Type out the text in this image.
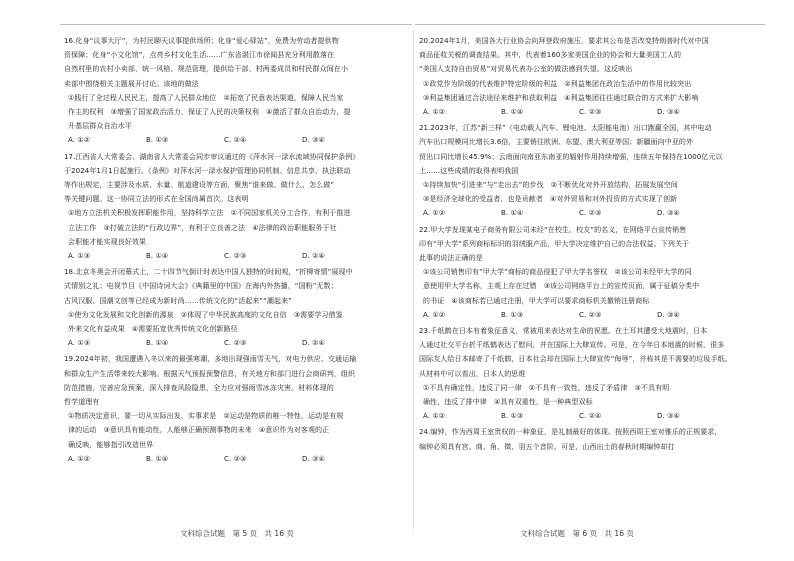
16.化身“议事大厅”，为村民聊天议事提供场所；化身“爱心驿站”，免费为劳动者提供物
资保障；化身“小文化馆”，点亮乡村文化生活……广东省湛江市徐闻县充分利用散落在
自然村里的农村小卖部，统一风格、规范管理，提供给干部、村两委成员和村民群众间在小
卖部中围绕相关主题展开讨论。该地的做法
①践行了全过程人民民主，提高了人民群众地位　②拓宽了民意表达渠道，保障人民当家
作主的权利　③增强了国家政治活力，保证了人民的决策权利　④激活了群众自治动力，提
升基层群众自治水平
A. ①②	B. ①③	C. ②④	D. ③④
17.江西省人大常委会、湖南省人大常委会同步审议通过的《萍水河一渌水流域协同保护条例》
于2024年1月1日起施行。《条例》对萍水河一渌水保护管理协同机制、信息共享、执法联动
等作出规定，主要涉及水质、水量、航道建设等方面，聚焦“谁来做、做什么、怎么做”
等关键问题。这一协同立法的形式在全国尚属首次。这表明
①地方立法机关积极发挥职能作用，坚持科学立法　②不同国家机关分工合作，有利于推进
立法工作　③打破立法的“行政边界”，有利于立良善之法　④法律的政治职能服务于社
会职能才能实现良好效果
A. ①③	B. ①④	C. ②③	D. ②④
18.北京冬奥会开闭幕式上，二十四节气倒计时表达中国人独特的时间观，“折柳寄情”展现中
式情别之礼；电视节目《中国诗词大会》《典籍里的中国》在海内外热播，“国粉”无数；
古风汉服、国潮文创等已经成为新时尚……传统文化的“活起来”“潮起来”
①使为文化发展和文化创新的源泉　②体现了中华民族高度的文化自信　③需要学习借鉴
外来文化有益成果　④需要拓宽优秀传统文化创新路径
A. ①③	B. ①④	C. ②③	D. ②④
19.2024年初，我国遭遇入冬以来的最强寒潮，多地出现强雨雪天气，对电力供应、交通运输
和群众生产生活带来较大影响。根据天气预报预警信息，有关地方和部门进行会商研判，组织
防范措施，完善应急预案，深入排查风险隐患，全力应对强雨雪冰冻灾害。材料体现的
哲学道理有
①物质决定意识，要一切从实际出发，实事求是　②运动是物质的唯一特性，运动是有规
律的运动　③意识具有能动性，人能够正确预测事物的未来　④意识作为对客观的正
确反映，能够指引改造世界
A. ①②	B. ①④	C. ②③	D. ③④
20.2024年1月，美国各大行业协会向拜登政府施压，要求其公布是否改变特朗普时代对中国
商品征收关税的调查结果。其中，代表着160多家美国企业的协会和大量美国工人的
“美国人支持自由贸易”对贸易代表办公室的做法感到失望。这反映出
①政党作为阶级的代表维护特定阶级的利益　②利益集团在政治生活中的作用比较突出
③利益集团通过合法途径来维护和获取利益　④利益集团往往通过联合的方式来扩大影响
A. ①②	B. ①④	C. ②③	D. ③④
21.2023年，江苏“新三样”（电动载人汽车、锂电池、太阳能电池）出口跑赢全国，其中电动
汽车出口规模同比增长3.6倍，主要销往欧洲、东盟、澳大利亚等国；新疆面向中亚的外
贸出口同比增长45.9%；云南面向南亚东南亚的辐射作用持续增强，连续五年保持在1000亿元以
上……这些成绩的取得表明我国
①持续加快“引进来”与“走出去”的步伐　②不断优化对外开放结构，拓展发展空间
③是经济全球化的受益者，也是贡献者　④对外贸易和对外投资的方式实现了创新
A. ①②	B. ①④	C. ②③	D. ③④
22.甲大学发现某电子商务有限公司未经“在校生、校友”的名义，在网络平台宣传销售
印有“甲大学”系列商标标识的羽绒服产品，甲大学决定维护自己的合法权益。下列关于
此事的说法正确的是
①该公司销售印有“甲大学”商标的商品侵犯了甲大学名誉权　②该公司未经甲大学的同
意使用甲大学名称，主观上存在过错　③该公司网络平台上的宣传页面，属于征稿分类中
的书证　④该商标若已通过注册，甲大学可以要求商标机关撤销注册商标
A. ①②	B. ①③	C. ②③	D. ③④
23.千纸鹤在日本有着象征意义，常被用来表达对生命的祝愿。在土耳其遭受大地震时，日本
人通过社交平台折千纸鹤表达了慰问，并在国际上大肆宣传。可是，在今年日本地震的时候，很多
国际友人给日本邮寄了千纸鹤，日本社会却在国际上大肆宣传“侮辱”，并称其是不需要的垃圾手纸。
从材料中可以看出，日本人的思维
①不具有确定性，违反了同一律　②不具有一致性，违反了矛盾律　③不具有明
确性，违反了排中律　④具有双重性，是一种典型双标
A. ①②	B. ①③	C. ②④	D. ③④
24.编钟，作为西周王室贵权的一种象征，是礼制最好的体现。按照西周王室对雅乐的正规要求，
编钟必须具有宫、商、角、徵、羽五个音阶。可是，山西出土的春秋时期编钟却打
文科综合试题　第 5 页　共 16 页	文科综合试题　第 6 页　共 16 页
